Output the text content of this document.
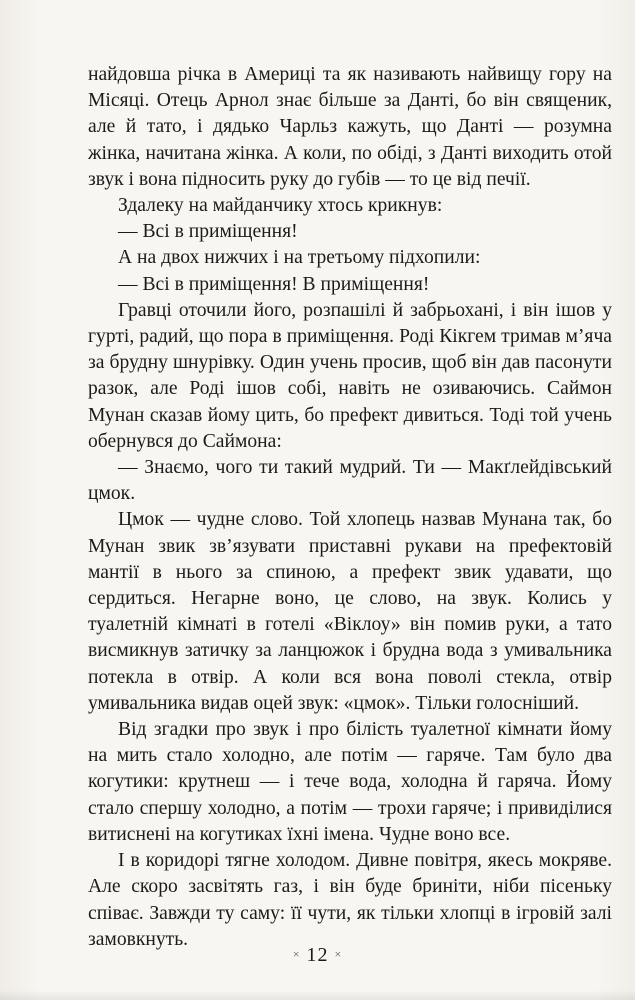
найдовша річка в Америці та як називають найвищу гору на Місяці. Отець Арнол знає більше за Данті, бо він священик, але й тато, і дядько Чарльз кажуть, що Данті — розумна жінка, начитана жінка. А коли, по обіді, з Данті виходить отой звук і вона підносить руку до губів — то це від печії.

Здалеку на майданчику хтось крикнув:

— Всі в приміщення!

А на двох нижчих і на третьому підхопили:

— Всі в приміщення! В приміщення!

Гравці оточили його, розпашілі й забрьохані, і він ішов у гурті, радий, що пора в приміщення. Роді Кікгем тримав м’яча за брудну шнурівку. Один учень просив, щоб він дав пасонути разок, але Роді ішов собі, навіть не озиваючись. Саймон Мунан сказав йому цить, бо префект дивиться. Тоді той учень обернувся до Саймона:

— Знаємо, чого ти такий мудрий. Ти — Макґлейдівський цмок.

Цмок — чудне слово. Той хлопець назвав Мунана так, бо Мунан звик зв’язувати приставні рукави на префектовій мантії в нього за спиною, а префект звик удавати, що сердиться. Негарне воно, це слово, на звук. Колись у туалетній кімнаті в готелі «Віклоу» він помив руки, а тато висмикнув затичку за ланцюжок і брудна вода з умивальника потекла в отвір. А коли вся вона поволі стекла, отвір умивальника видав оцей звук: «цмок». Тільки голосніший.

Від згадки про звук і про білість туалетної кімнати йому на мить стало холодно, але потім — гаряче. Там було два когутики: крутнеш — і тече вода, холодна й гаряча. Йому стало спершу холодно, а потім — трохи гаряче; і привиділися витиснені на когутиках їхні імена. Чудне воно все.

І в коридорі тягне холодом. Дивне повітря, якесь мокряве. Але скоро засвітять газ, і він буде бриніти, ніби пісеньку співає. Завжди ту саму: її чути, як тільки хлопці в ігровій залі замовкнуть.

× 12 ×
